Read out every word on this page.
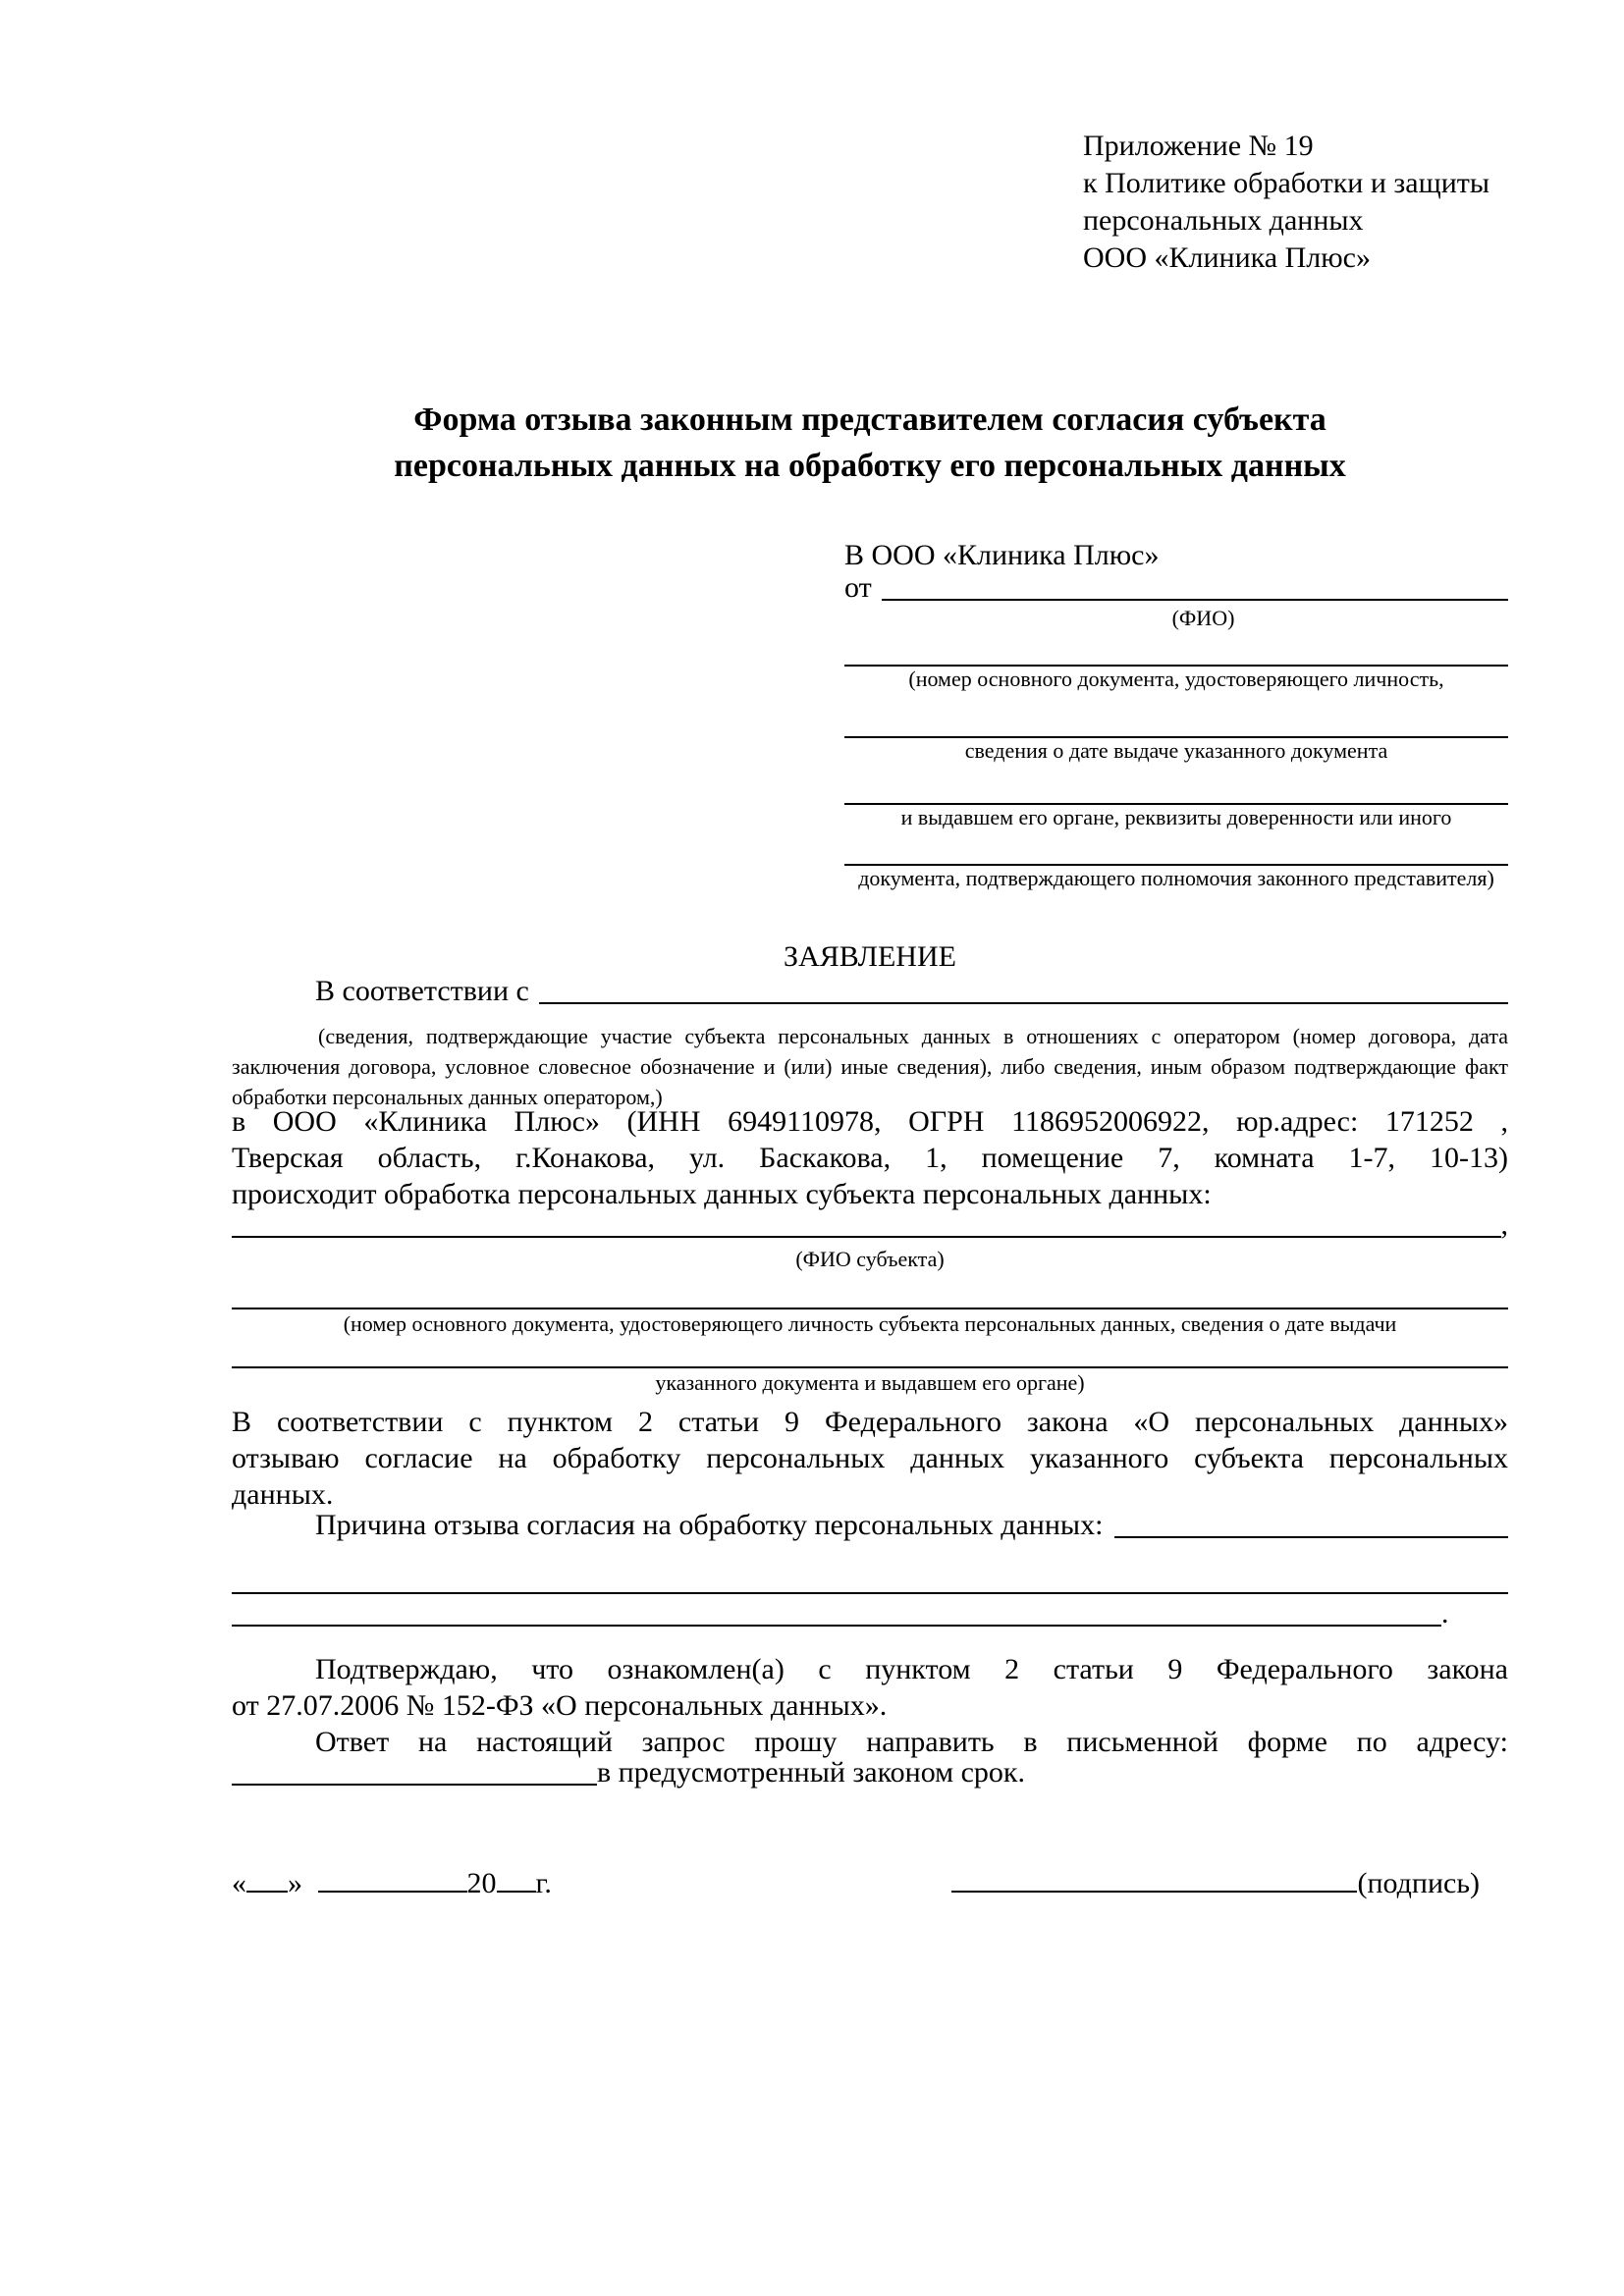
Приложение № 19
к Политике обработки и защиты
персональных данных
ООО «Клиника Плюс»
Форма отзыва законным представителем согласия субъекта
персональных данных на обработку его персональных данных
В ООО «Клиника Плюс»
от
(ФИО)
(номер основного документа, удостоверяющего личность,
сведения о дате выдаче указанного документа
и выдавшем его органе, реквизиты доверенности или иного
документа, подтверждающего полномочия законного представителя)
ЗАЯВЛЕНИЕ
В соответствии с
(сведения, подтверждающие участие субъекта персональных данных в отношениях с оператором (номер договора, дата
заключения договора, условное словесное обозначение и (или) иные сведения), либо сведения, иным образом подтверждающие факт
обработки персональных данных оператором,)
в ООО «Клиника Плюс» (ИНН 6949110978, ОГРН 1186952006922, юр.адрес: 171252 ,
Тверская область, г.Конакова, ул. Баскакова, 1, помещение 7, комната 1-7, 10-13)
происходит обработка персональных данных субъекта персональных данных:
,
(ФИО субъекта)
(номер основного документа, удостоверяющего личность субъекта персональных данных, сведения о дате выдачи
указанного документа и выдавшем его органе)
В соответствии с пунктом 2 статьи 9 Федерального закона «О персональных данных»
отзываю согласие на обработку персональных данных указанного субъекта персональных
данных.
Причина отзыва согласия на обработку персональных данных:
.
Подтверждаю, что ознакомлен(а) с пунктом 2 статьи 9 Федерального закона
от 27.07.2006 № 152-ФЗ «О персональных данных».
Ответ на настоящий запрос прошу направить в письменной форме по адресу:
в предусмотренный законом срок.
« »	20 г.	(подпись)
